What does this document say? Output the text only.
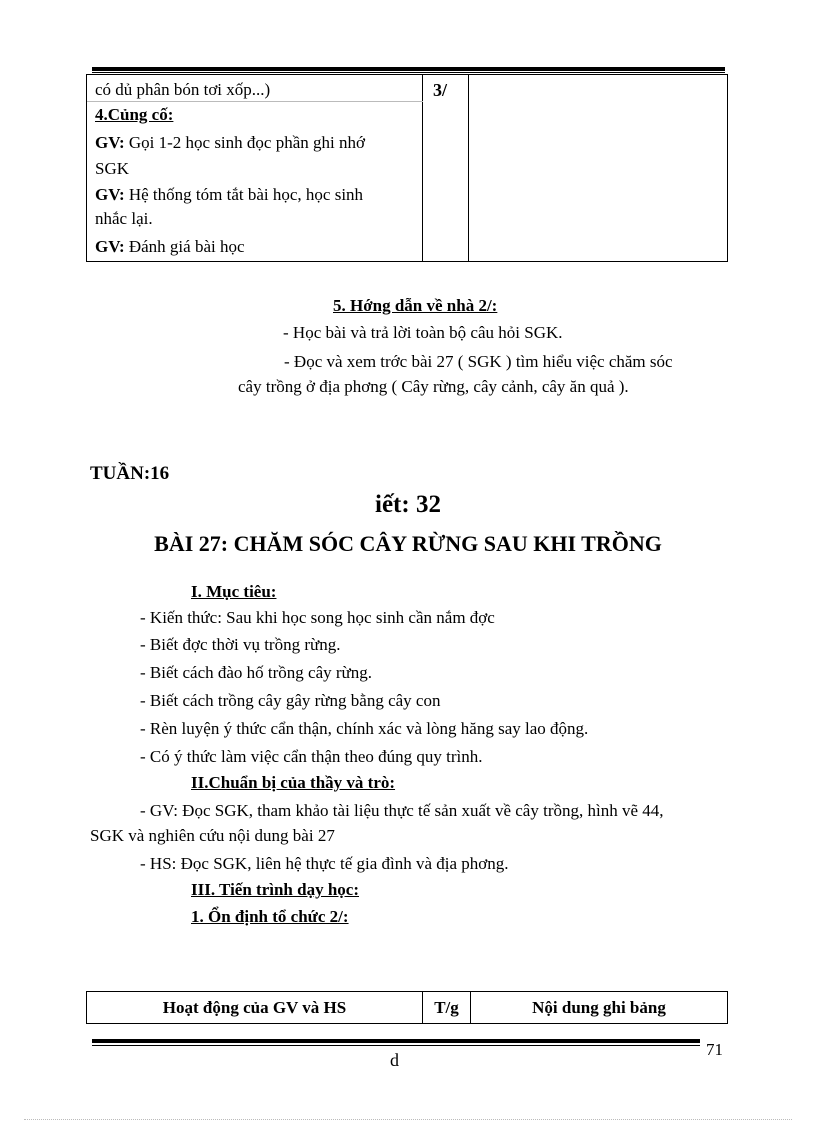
có dủ phân bón tơi xốp...)
4.Củng cố:
GV: Gọi 1-2 học sinh đọc phần ghi nhớ
SGK
GV: Hệ thống tóm tắt bài học, học sinh
nhắc lại.
GV: Đánh giá bài học
3/
5. Hớng dẫn về nhà 2/:
- Học bài và trả lời toàn bộ câu hỏi SGK.
- Đọc và xem trớc bài 27 ( SGK ) tìm hiểu việc chăm sóc
cây trồng ở địa phơng ( Cây rừng, cây cảnh, cây ăn quả ).
TUẦN:16
iết: 32
BÀI 27: CHĂM SÓC CÂY RỪNG SAU KHI TRỒNG
I. Mục tiêu:
- Kiến thức: Sau khi học song học sinh cần nắm đợc
- Biết đợc thời vụ trồng rừng.
- Biết cách đào hố trồng cây rừng.
- Biết cách trồng cây gây rừng bằng cây con
- Rèn luyện ý thức cẩn thận, chính xác và lòng hăng say lao động.
- Có ý thức làm việc cẩn thận theo đúng quy trình.
II.Chuẩn bị của thầy và trò:
- GV: Đọc SGK, tham khảo tài liệu thực tế sản xuất về cây trồng, hình vẽ 44,
SGK và nghiên cứu nội dung bài 27
- HS: Đọc SGK, liên hệ thực tế gia đình và địa phơng.
III. Tiến trình dạy học:
1. Ổn định tổ chức 2/:
Hoạt động của GV và HS	T/g	Nội dung ghi bảng
71
d
